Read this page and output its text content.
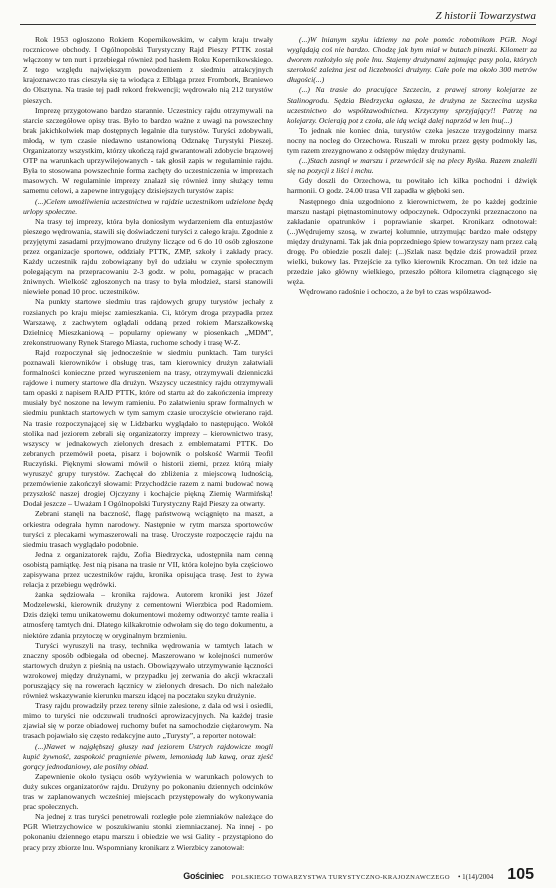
Z historii Towarzystwa

Rok 1953 ogłoszono Rokiem Kopernikowskim, w całym kraju trwały rocznicowe obchody. I Ogólnopolski Turystyczny Rajd Pieszy PTTK został włączony w ten nurt i przebiegał również pod hasłem Roku Kopernikowskiego. Z tego względu największym powodzeniem z siedmiu atrakcyjnych krajoznawczo tras cieszyła się ta wiodąca z Elbląga przez Frombork, Braniewo do Olsztyna. Na trasie tej padł rekord frekwencji; wędrowało nią 212 turystów pieszych.

Imprezę przygotowano bardzo starannie. Uczestnicy rajdu otrzymywali na starcie szczegółowe opisy tras. Było to bardzo ważne z uwagi na powszechny brak jakichkolwiek map dostępnych legalnie dla turystów. Turyści zdobywali, młodą, w tym czasie niedawno ustanowioną Odznakę Turystyki Pieszej. Organizatorzy wszystkim, którzy ukończą rajd gwarantowali zdobycie brązowej OTP na warunkach uprzywilejowanych - tak głosił zapis w regulaminie rajdu. Była to stosowana powszechnie forma zachęty do uczestniczenia w imprezach masowych. W regulaminie imprezy znalazł się również inny służący temu samemu celowi, a zapewne intrygujący dzisiejszych turystów zapis:

(...)Celem umożliwienia uczestnictwa w rajdzie uczestnikom udzielone będą urlopy społeczne.

Na trasy tej imprezy, która była doniosłym wydarzeniem dla entuzjastów pieszego wędrowania, stawili się doświadczeni turyści z całego kraju. Zgodnie z przyjętymi zasadami przyjmowano drużyny liczące od 6 do 10 osób zgłoszone przez organizacje sportowe, oddziały PTTK, ZMP, szkoły i zakłady pracy. Każdy uczestnik rajdu zobowiązany był do udziału w czynie społecznym polegającym na przepracowaniu 2-3 godz. w polu, pomagając w pracach żniwnych. Wielkość zgłoszonych na trasy to była młodzież, starsi stanowili niewiele ponad 10 proc. uczestników.

Na punkty startowe siedmiu tras rajdowych grupy turystów jechały z rozsianych po kraju miejsc zamieszkania. Ci, którym droga przypadła przez Warszawę, z zachwytem oglądali oddaną przed rokiem Marszałkowską Dzielnicę Mieszkaniową – popularny opiewany w piosenkach „MDM”, zrekonstruowany Rynek Starego Miasta, ruchome schody i trasę W-Z.

Rajd rozpoczynał się jednocześnie w siedmiu punktach. Tam turyści poznawali kierowników i obsługę tras, tam kierownicy drużyn załatwiali formalności konieczne przed wyruszeniem na trasy, otrzymywali dzienniczki rajdowe i numery startowe dla drużyn. Wszyscy uczestnicy rajdu otrzymywali tam opaski z napisem RAJD PTTK, które od startu aż do zakończenia imprezy musiały być noszone na lewym ramieniu. Po załatwieniu spraw formalnych w siedmiu punktach startowych w tym samym czasie uroczyście otwierano rajd. Na trasie rozpoczynającej się w Lidzbarku wyglądało to następująco. Wokół stolika nad jeziorem zebrali się organizatorzy imprezy – kierownictwo trasy, wszyscy w jednakowych zielonych dresach z emblematami PTTK. Do zebranych przemówił poeta, pisarz i bojownik o polskość Warmii Teofil Ruczyński. Pięknymi słowami mówił o historii ziemi, przez którą miały wyruszyć grupy turystów. Zachęcał do zbliżenia z miejscową ludnością, przemówienie zakończył słowami: Przychodźcie razem z nami budować nową przyszłość naszej drogiej Ojczyzny i kochajcie piękną Ziemię Warmińską! Dodał jeszcze – Uważam I Ogólnopolski Turystyczny Rajd Pieszy za otwarty.

Zebrani stanęli na baczność, flagę państwową wciągnięto na maszt, a orkiestra odegrała hymn narodowy. Następnie w rytm marsza sportowców turyści z plecakami wymaszerowali na trasę. Uroczyste rozpoczęcie rajdu na siedmiu trasach wyglądało podobnie.

Jedna z organizatorek rajdu, Zofia Biedrzycka, udostępniła nam cenną osobistą pamiątkę. Jest nią pisana na trasie nr VII, która kolejno była częściowo zapisywana przez uczestników rajdu, kronika opisująca trasę. Jest to żywa relacja z przebiegu wędrówki.

żanka sędziowała – kronika rajdowa. Autorem kroniki jest Józef Modzelewski, kierownik drużyny z cementowni Wierzbica pod Radomiem. Dzis dzięki temu unikatowemu dokumentowi możemy odtworzyć tamte realia i atmosferę tamtych dni. Dlatego kilkakrotnie odwołam się do tego dokumentu, a niektóre zdania przytoczę w oryginalnym brzmieniu.

Turyści wyruszyli na trasy, technika wędrowania w tamtych latach w znaczny sposób odbiegała od obecnej. Maszerowano w kolejności numerów startowych drużyn z pieśnią na ustach. Obowiązywało utrzymywanie łączności wzrokowej między drużynami, w przypadku jej zerwania do akcji wkraczali porusząjący się na rowerach łącznicy w zielonych dresach. Do nich należało również wskazywanie kierunku marszu idącej na pocztaku szyku drużynie.

Trasy rajdu prowadziły przez tereny silnie zalesione, z dala od wsi i osiedli, mimo to turyści nie odczuwali trudności aprowizacyjnych. Na każdej trasie zjawiał się w porze obiadowej ruchomy bufet na samochodzie ciężarowym. Na trasach pojawiało się często redakcyjne auto „Turysty”, a reporter notował:

(...)Nawet w najgłębszej głuszy nad jeziorem Ustrych rajdowicze mogli kupić żywność, zaspokoić pragnienie piwem, lemoniadą lub kawą, oraz zjeść gorący jednodaniowy, ale posilny obiad.

Zapewnienie około tysiącu osób wyżywienia w warunkach polowych to duży sukces organizatorów rajdu. Drużyny po pokonaniu dziennych odcinków tras w zaplanowanych wcześniej miejscach przystępowały do wykonywania prac społecznych.

Na jednej z tras turyści penetrowali rozległe pole ziemniaków należące do PGR Wietrzychowice w poszukiwaniu stonki ziemniaczanej. Na innej - po pokonaniu dziennego etapu marszu i obiedzie we wsi Gality - przystąpiono do pracy przy zbiorze lnu. Wspomniany kronikarz z Wierzbicy zanotował:

(...)W lnianym szyku idziemy na pole pomóc robotnikom PGR. Nogi wyglądają coś nie bardzo. Chodzę jak bym miał w butach pinezki. Kilometr za dworem rozłożyło się pole lnu. Stajemy drużynami zajmując pasy pola, których szerokość zależna jest od liczebności drużyny. Całe pole ma około 300 metrów długości(...)

(...) Na trasie do pracujące Szczecin, z prawej strony kolejarze ze Stalinogrodu. Sędzia Biedrzycka ogłasza, że drużyna ze Szczecina uzyska uczestnictwo do współzawodnictwa. Krzyczymy sprzyjający!! Patrzę na kolejarzy. Ocierają pot z czoła, ale idą wciąż dalej naprzód w len lnu(...)

To jednak nie koniec dnia, turystów czeka jeszcze trzygodzinny marsz nocny na nocleg do Orzechowa. Ruszali w mroku przez gęsty podmokły las, tym razem zrezygnowano z odstępów między drużynami.

(...)Stach zasnął w marszu i przewrócił się na plecy Ryśka. Razem znaleźli się na pozycji z liści i mchu.

Gdy doszli do Orzechowa, tu powitało ich kilka pochodni i dźwięk harmonii. O godz. 24.00 trasa VII zapadła w głęboki sen.

Następnego dnia uzgodniono z kierownictwem, że po każdej godzinie marszu nastąpi piętnastominutowy odpoczynek. Odpoczynki przeznaczono na zakładanie opatrunków i poprawianie skarpet. Kronikarz odnotował: (...)Wędrujemy szosą, w zwartej kolumnie, utrzymując bardzo małe odstępy między drużynami. Tak jak dnia poprzedniego śpiew towarzyszy nam przez całą drogę. Po obiedzie poszli dalej: (...)Szlak nasz będzie dziś prowadził przez wielki, bukowy las. Przejście za tylko kierownik Kroczman. On też idzie na przedzie jako główny wielkiego, przeszło półtora kilometra ciągnącego się węża.

Wędrowano radośnie i ochoczo, a że był to czas współzawod-

Gościniec POLSKIEGO TOWARZYSTWA TURYSTYCZNO-KRAJOZNAWCZEGO • 1(14)/2004 105
